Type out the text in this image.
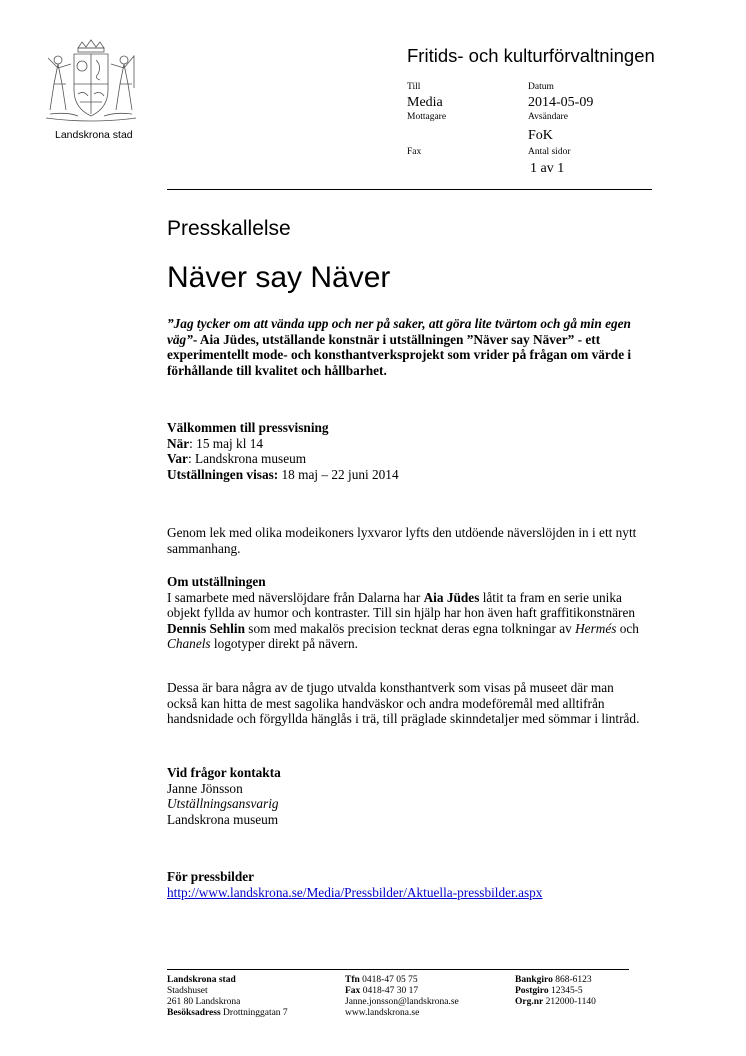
Landskrona stad
Fritids- och kulturförvaltningen
Till
Media
Mottagare
Fax
Datum
2014-05-09
Avsändare
FoK
Antal sidor
1 av 1
Presskallelse
Näver say Näver
”Jag tycker om att vända upp och ner på saker, att göra lite tvärtom och gå min egen väg”- Aia Jüdes, utställande konstnär i utställningen ”Näver say Näver” - ett experimentellt mode- och konsthantverksprojekt som vrider på frågan om värde i förhållande till kvalitet och hållbarhet.
Välkommen till pressvisning
När: 15 maj kl 14
Var: Landskrona museum
Utställningen visas: 18 maj – 22 juni 2014
Genom lek med olika modeikoners lyxvaror lyfts den utdöende näverslöjden in i ett nytt sammanhang.
Om utställningen
I samarbete med näverslöjdare från Dalarna har Aia Jüdes låtit ta fram en serie unika objekt fyllda av humor och kontraster. Till sin hjälp har hon även haft graffitikonstnären Dennis Sehlin som med makalös precision tecknat deras egna tolkningar av Hermés och Chanels logotyper direkt på nävern.
Dessa är bara några av de tjugo utvalda konsthantverk som visas på museet där man också kan hitta de mest sagolika handväskor och andra modeföremål med alltifrån handsnidade och förgyllda hänglås i trä, till präglade skinndetaljer med sömmar i lintråd.
Vid frågor kontakta
Janne Jönsson
Utställningsansvarig
Landskrona museum
För pressbilder
http://www.landskrona.se/Media/Pressbilder/Aktuella-pressbilder.aspx
Landskrona stad
Stadshuset
261 80 Landskrona
Besöksadress Drottninggatan 7
Tfn 0418-47 05 75
Fax 0418-47 30 17
Janne.jonsson@landskrona.se
www.landskrona.se
Bankgiro 868-6123
Postgiro 12345-5
Org.nr 212000-1140
